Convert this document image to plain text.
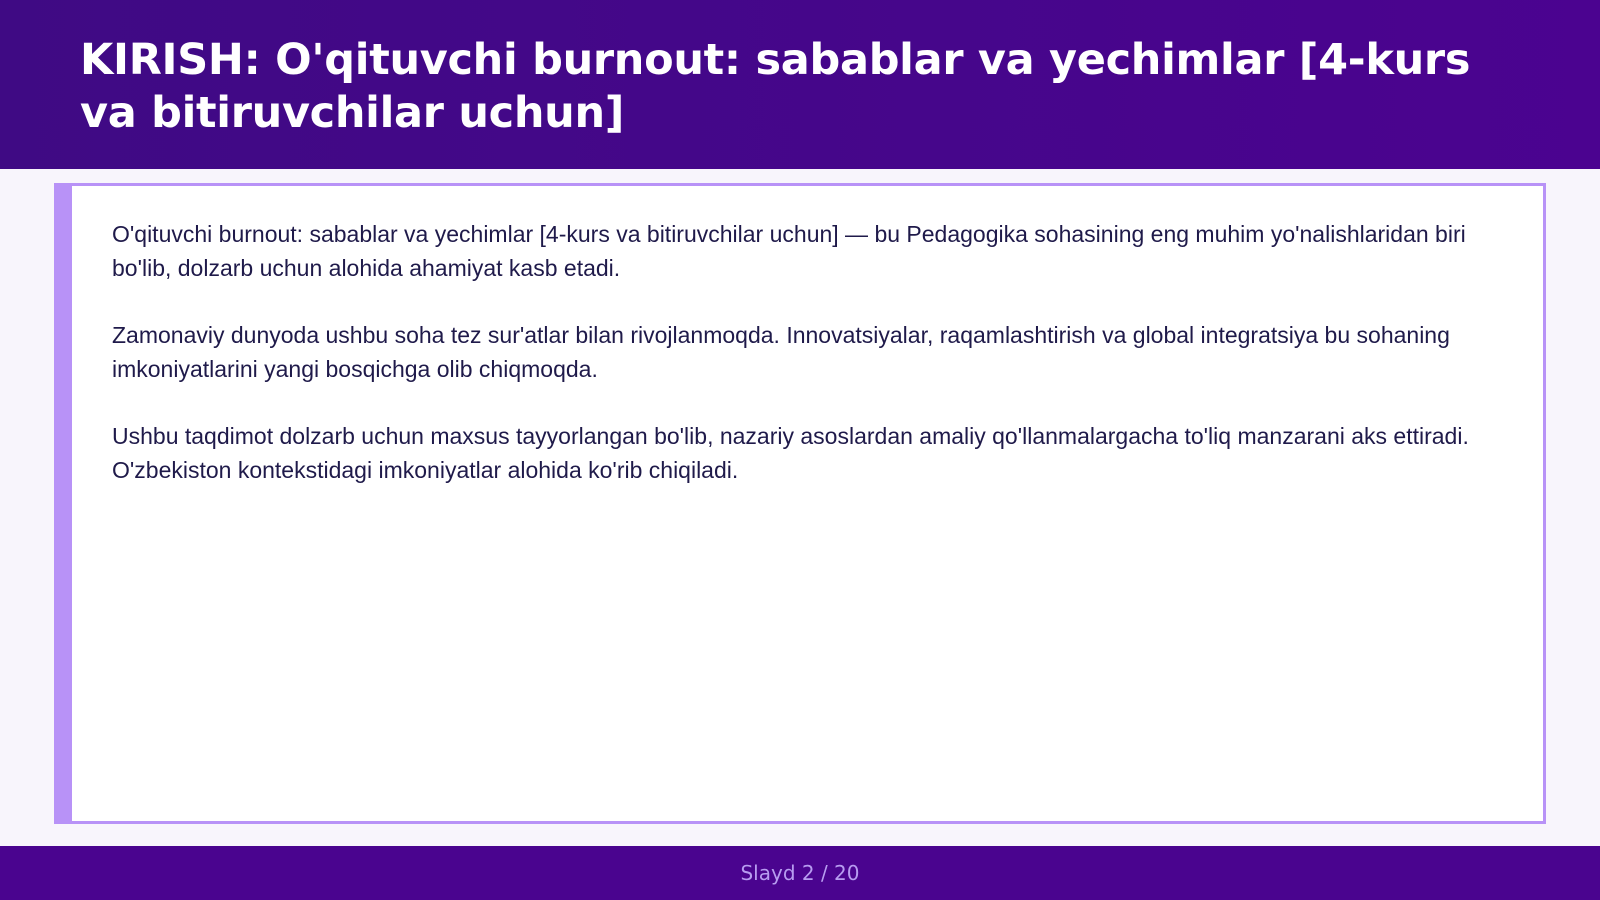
KIRISH: O'qituvchi burnout: sabablar va yechimlar [4-kurs va bitiruvchilar uchun]

O'qituvchi burnout: sabablar va yechimlar [4-kurs va bitiruvchilar uchun] — bu Pedagogika sohasining eng muhim yo'nalishlaridan biri bo'lib, dolzarb uchun alohida ahamiyat kasb etadi.

Zamonaviy dunyoda ushbu soha tez sur'atlar bilan rivojlanmoqda. Innovatsiyalar, raqamlashtirish va global integratsiya bu sohaning imkoniyatlarini yangi bosqichga olib chiqmoqda.

Ushbu taqdimot dolzarb uchun maxsus tayyorlangan bo'lib, nazariy asoslardan amaliy qo'llanmalargacha to'liq manzarani aks ettiradi. O'zbekiston kontekstidagi imkoniyatlar alohida ko'rib chiqiladi.

Slayd 2 / 20
